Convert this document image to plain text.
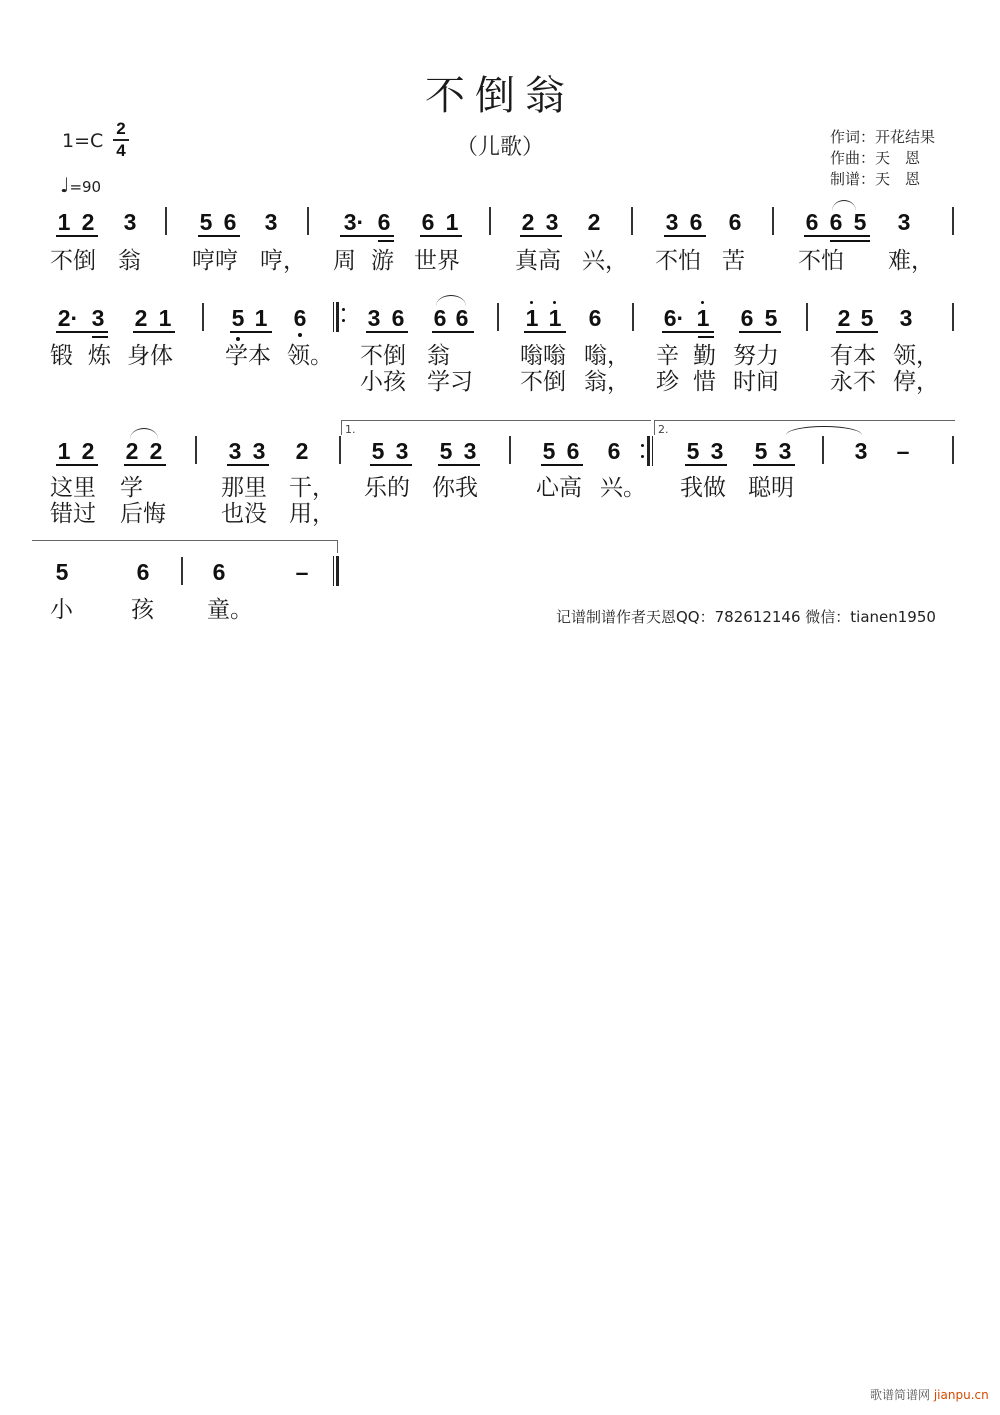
不倒翁
（儿歌）
1=C
2
4
♩=90
作词：开花结果
作曲：天　恩
制谱：天　恩
1 2 3	5 6 3	3· 6 6 1	2 3 2	3 6 6	6 6 5 3
不倒 翁 哼哼 哼， 周 游 世界 真高 兴， 不怕 苦 不怕 难，
2· 3 2 1	5 1 6	3 6 6 6 1 1 6	6· 1 6 5	2 5 3
锻 炼 身体 学本 领。 不倒 翁	嗡嗡 嗡， 辛 勤 努力 有本 领，
小孩 学习 不倒 翁， 珍 惜 时间 永不 停，
1 2 2 2	3 3 2
1.
5 3 5 3	5 6 6
2.
5 3 5 3	3 –
这里 学	那里 干， 乐的 你我	心高 兴。 我做 聪明
错过 后悔 也没 用，
5	6	6	–
小	孩 童。	记谱制谱作者天恩QQ：782612146 微信：tianen1950
歌谱简谱网 jianpu.cn
